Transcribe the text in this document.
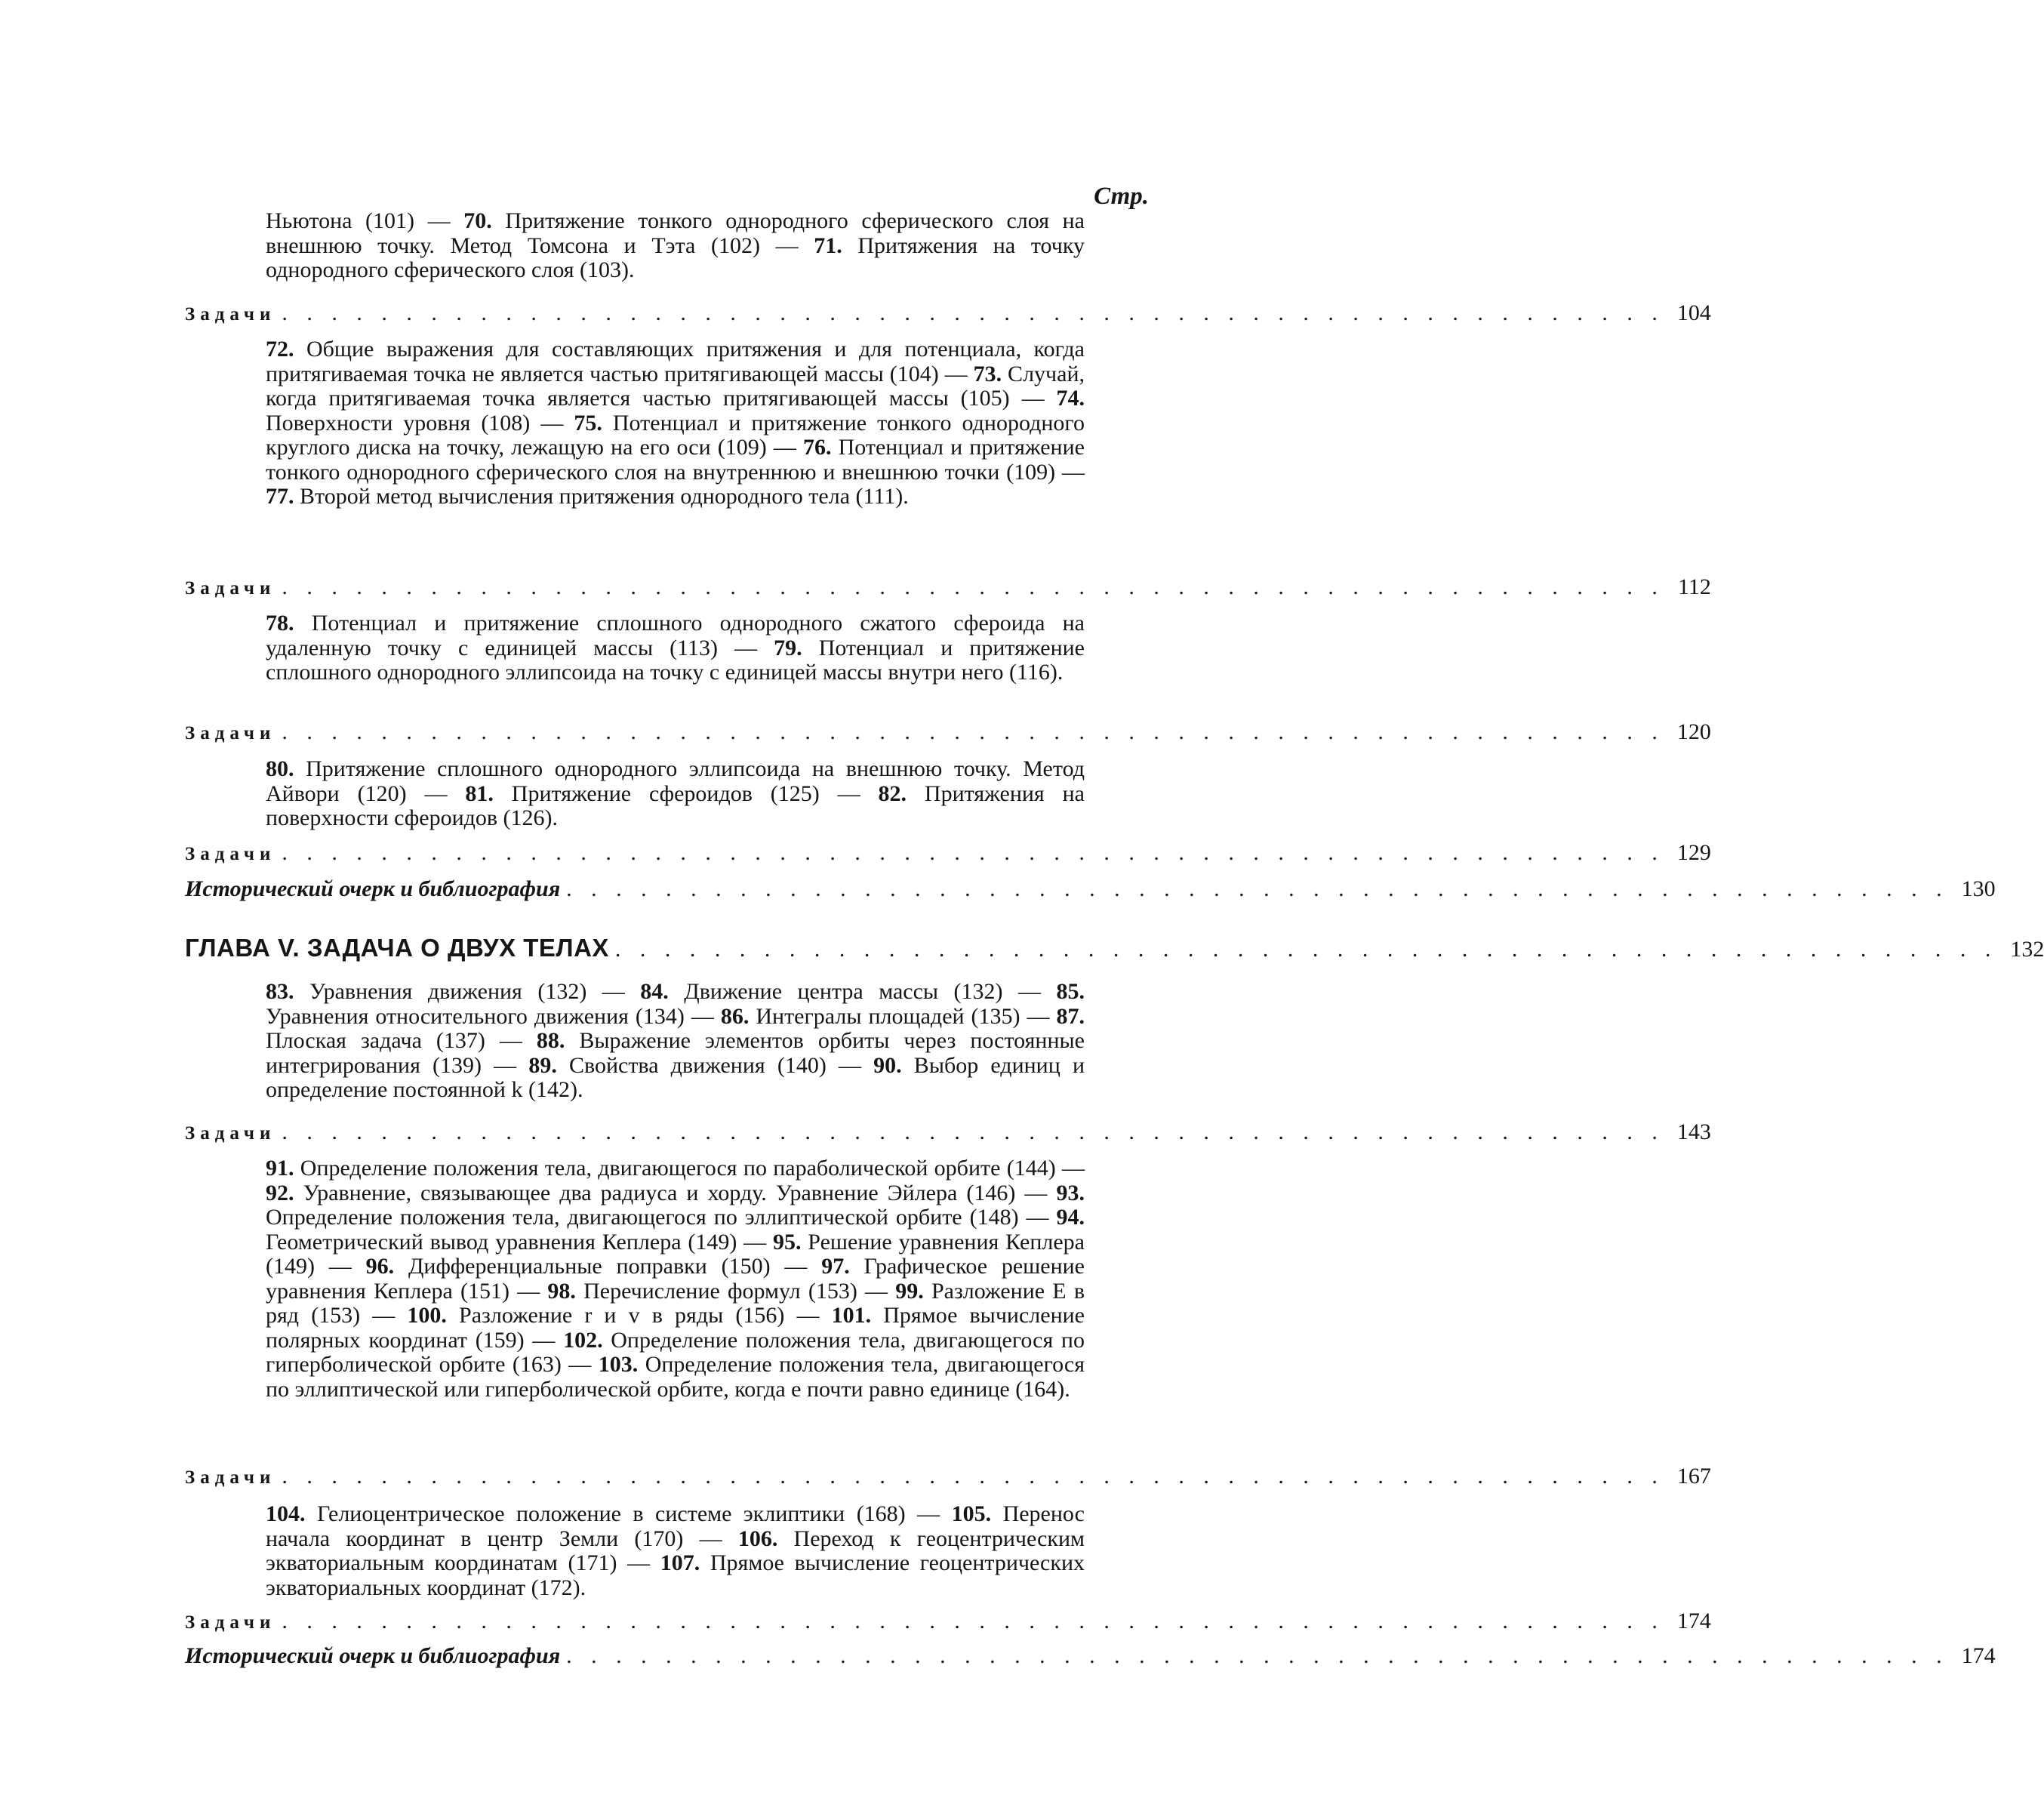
Стр.

Ньютона (101) — 70. Притяжение тонкого однородного сферического слоя на внешнюю точку. Метод Томсона и Тэта (102) — 71. Притяжения на точку однородного сферического слоя (103).

Задачи . . . . . . . . . . . . . . . . . . . . . . . . . . . . . . . . . . . . . . . . . . . . . . . . . . . . . . . . 104

72. Общие выражения для составляющих притяжения и для потенциала, когда притягиваемая точка не является частью притягивающей массы (104) — 73. Случай, когда притягиваемая точка является частью притягивающей массы (105) — 74. Поверхности уровня (108) — 75. Потенциал и притяжение тонкого однородного круглого диска на точку, лежащую на его оси (109) — 76. Потенциал и притяжение тонкого однородного сферического слоя на внутреннюю и внешнюю точки (109) — 77. Второй метод вычисления притяжения однородного тела (111).

Задачи . . . . . . . . . . . . . . . . . . . . . . . . . . . . . . . . . . . . . . . . . . . . . . . . . . . . . . . . 112

78. Потенциал и притяжение сплошного однородного сжатого сфероида на удаленную точку с единицей массы (113) — 79. Потенциал и притяжение сплошного однородного эллипсоида на точку с единицей массы внутри него (116).

Задачи . . . . . . . . . . . . . . . . . . . . . . . . . . . . . . . . . . . . . . . . . . . . . . . . . . . . . . . . 120

80. Притяжение сплошного однородного эллипсоида на внешнюю точку. Метод Айвори (120) — 81. Притяжение сфероидов (125) — 82. Притяжения на поверхности сфероидов (126).

Задачи . . . . . . . . . . . . . . . . . . . . . . . . . . . . . . . . . . . . . . . . . . . . . . . . . . . . . . . . 129
Исторический очерк и библиография . . . . . . . . . . . . . . . . . . . . . . . . . . . . . . . . . . . . . . . . . . . . . . . . . . . . . . . . 130
ГЛАВА V. ЗАДАЧА О ДВУХ ТЕЛАХ . . . . . . . . . . . . . . . . . . . . . . . . . . . . . . . . . . . . . . . . . . . . . . . . . . . . . . . . 132

83. Уравнения движения (132) — 84. Движение центра массы (132) — 85. Уравнения относительного движения (134) — 86. Интегралы площадей (135) — 87. Плоская задача (137) — 88. Выражение элементов орбиты через постоянные интегрирования (139) — 89. Свойства движения (140) — 90. Выбор единиц и определение постоянной k (142).

Задачи . . . . . . . . . . . . . . . . . . . . . . . . . . . . . . . . . . . . . . . . . . . . . . . . . . . . . . . . 143

91. Определение положения тела, двигающегося по параболической орбите (144) — 92. Уравнение, связывающее два радиуса и хорду. Уравнение Эйлера (146) — 93. Определение положения тела, двигающегося по эллиптической орбите (148) — 94. Геометрический вывод уравнения Кеплера (149) — 95. Решение уравнения Кеплера (149) — 96. Дифференциальные поправки (150) — 97. Графическое решение уравнения Кеплера (151) — 98. Перечисление формул (153) — 99. Разложение E в ряд (153) — 100. Разложение r и v в ряды (156) — 101. Прямое вычисление полярных координат (159) — 102. Определение положения тела, двигающегося по гиперболической орбите (163) — 103. Определение положения тела, двигающегося по эллиптической или гиперболической орбите, когда e почти равно единице (164).

Задачи . . . . . . . . . . . . . . . . . . . . . . . . . . . . . . . . . . . . . . . . . . . . . . . . . . . . . . . . 167

104. Гелиоцентрическое положение в системе эклиптики (168) — 105. Перенос начала координат в центр Земли (170) — 106. Переход к геоцентрическим экваториальным координатам (171) — 107. Прямое вычисление геоцентрических экваториальных координат (172).

Задачи . . . . . . . . . . . . . . . . . . . . . . . . . . . . . . . . . . . . . . . . . . . . . . . . . . . . . . . . 174
Исторический очерк и библиография . . . . . . . . . . . . . . . . . . . . . . . . . . . . . . . . . . . . . . . . . . . . . . . . . . . . . . . . 174
